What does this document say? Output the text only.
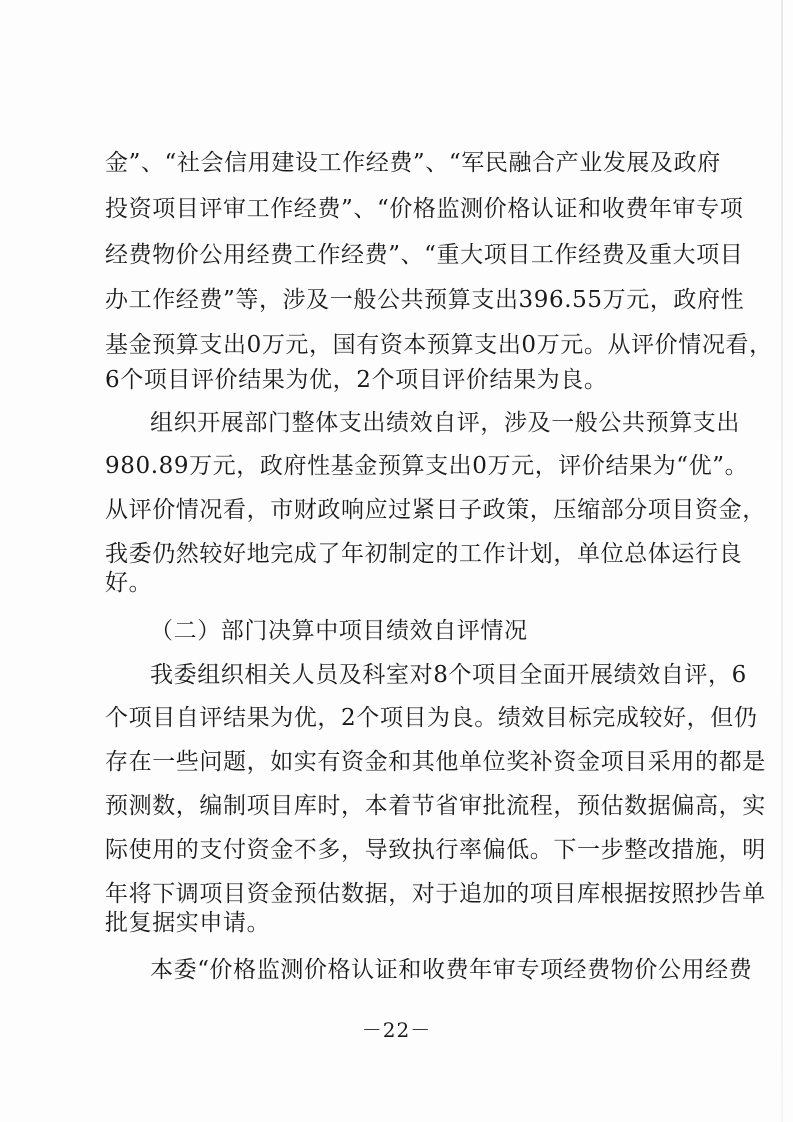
金”、“社会信用建设工作经费”、“军民融合产业发展及政府
投资项目评审工作经费”、“价格监测价格认证和收费年审专项
经费物价公用经费工作经费”、“重大项目工作经费及重大项目
办工作经费”等，涉及一般公共预算支出396.55万元，政府性
基金预算支出0万元，国有资本预算支出0万元。从评价情况看，
6个项目评价结果为优，2个项目评价结果为良。
组织开展部门整体支出绩效自评，涉及一般公共预算支出
980.89万元，政府性基金预算支出0万元，评价结果为“优”。
从评价情况看，市财政响应过紧日子政策，压缩部分项目资金，
我委仍然较好地完成了年初制定的工作计划，单位总体运行良
好。
（二）部门决算中项目绩效自评情况
我委组织相关人员及科室对8个项目全面开展绩效自评，6
个项目自评结果为优，2个项目为良。绩效目标完成较好，但仍
存在一些问题，如实有资金和其他单位奖补资金项目采用的都是
预测数，编制项目库时，本着节省审批流程，预估数据偏高，实
际使用的支付资金不多，导致执行率偏低。下一步整改措施，明
年将下调项目资金预估数据，对于追加的项目库根据按照抄告单
批复据实申请。
本委“价格监测价格认证和收费年审专项经费物价公用经费
－22－
